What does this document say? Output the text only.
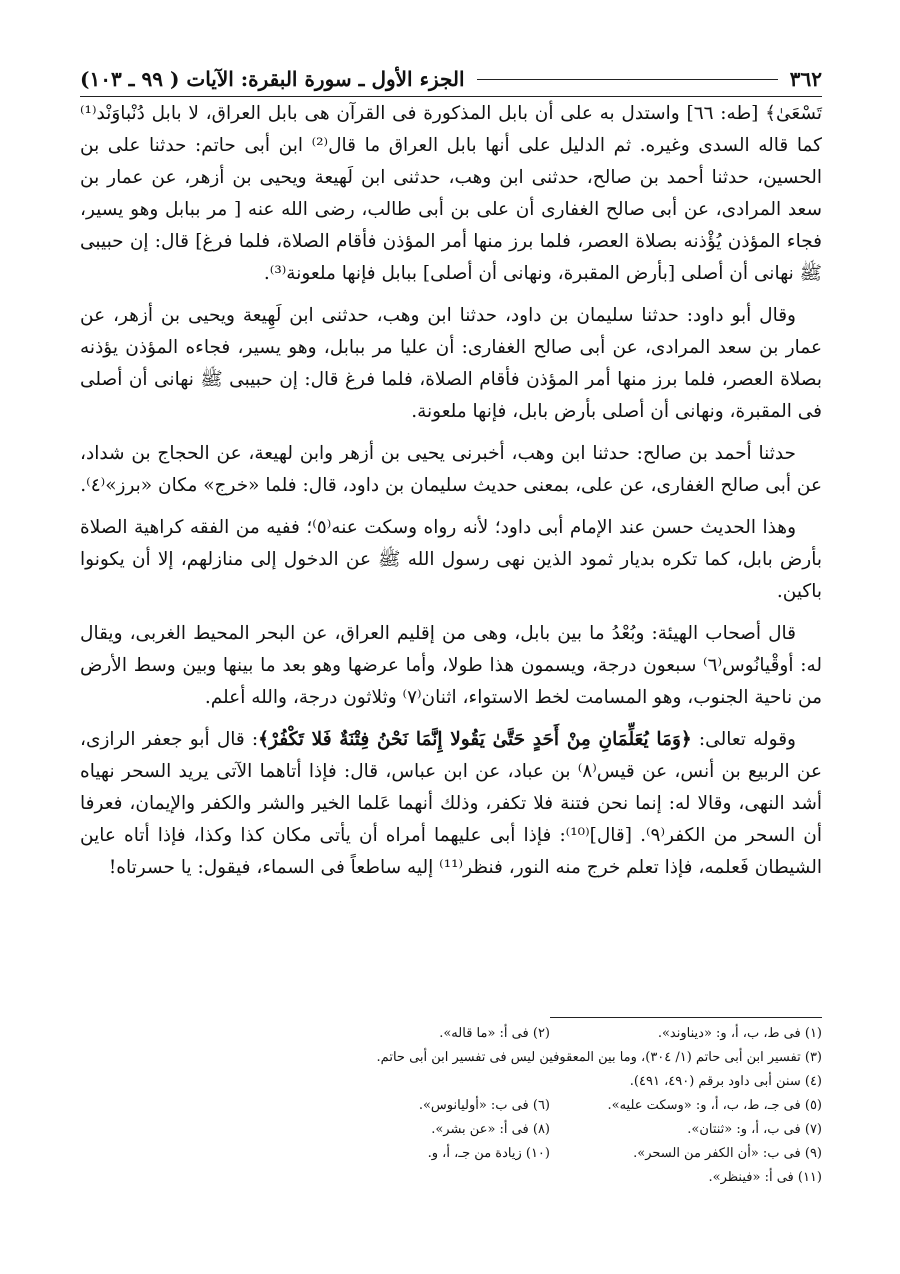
٣٦٢
الجزء الأول ـ سورة البقرة: الآيات ( ٩٩ ـ ١٠٣)

تَسْعَىٰ﴾ [طه: ٦٦] واستدل به على أن بابل المذكورة فى القرآن هى بابل العراق، لا بابل دُنْباوَنْد⁽¹⁾ كما قاله السدى وغيره. ثم الدليل على أنها بابل العراق ما قال⁽²⁾ ابن أبى حاتم: حدثنا على بن الحسين، حدثنا أحمد بن صالح، حدثنى ابن وهب، حدثنى ابن لَهيعة ويحيى بن أزهر، عن عمار بن سعد المرادى، عن أبى صالح الغفارى أن على بن أبى طالب، رضى الله عنه [ مر ببابل وهو يسير، فجاء المؤذن يُؤْذنه بصلاة العصر، فلما برز منها أمر المؤذن فأقام الصلاة، فلما فرغ] قال: إن حبيبى ﷺ نهانى أن أصلى [بأرض المقبرة، ونهانى أن أصلى] ببابل فإنها ملعونة⁽³⁾.

وقال أبو داود: حدثنا سليمان بن داود، حدثنا ابن وهب، حدثنى ابن لَهِيعة ويحيى بن أزهر، عن عمار بن سعد المرادى، عن أبى صالح الغفارى: أن عليا مر ببابل، وهو يسير، فجاءه المؤذن يؤذنه بصلاة العصر، فلما برز منها أمر المؤذن فأقام الصلاة، فلما فرغ قال: إن حبيبى ﷺ نهانى أن أصلى فى المقبرة، ونهانى أن أصلى بأرض بابل، فإنها ملعونة.

حدثنا أحمد بن صالح: حدثنا ابن وهب، أخبرنى يحيى بن أزهر وابن لهيعة، عن الحجاج بن شداد، عن أبى صالح الغفارى، عن على، بمعنى حديث سليمان بن داود، قال: فلما «خرج» مكان «برز»⁽٤⁾.

وهذا الحديث حسن عند الإمام أبى داود؛ لأنه رواه وسكت عنه⁽٥⁾؛ ففيه من الفقه كراهية الصلاة بأرض بابل، كما تكره بديار ثمود الذين نهى رسول الله ﷺ عن الدخول إلى منازلهم، إلا أن يكونوا باكين.

قال أصحاب الهيئة: وبُعْدُ ما بين بابل، وهى من إقليم العراق، عن البحر المحيط الغربى، ويقال له: أوقْيانُوس⁽٦⁾ سبعون درجة، ويسمون هذا طولا، وأما عرضها وهو بعد ما بينها وبين وسط الأرض من ناحية الجنوب، وهو المسامت لخط الاستواء، اثنان⁽٧⁾ وثلاثون درجة، والله أعلم.

وقوله تعالى: ﴿وَمَا يُعَلِّمَانِ مِنْ أَحَدٍ حَتَّىٰ يَقُولا إِنَّمَا نَحْنُ فِتْنَةٌ فَلا تَكْفُرْ﴾: قال أبو جعفر الرازى، عن الربيع بن أنس، عن قيس⁽٨⁾ بن عباد، عن ابن عباس، قال: فإذا أتاهما الآتى يريد السحر نهياه أشد النهى، وقالا له: إنما نحن فتنة فلا تكفر، وذلك أنهما عَلما الخير والشر والكفر والإيمان، فعرفا أن السحر من الكفر⁽٩⁾. [قال]⁽¹⁰⁾: فإذا أبى عليهما أمراه أن يأتى مكان كذا وكذا، فإذا أتاه عاين الشيطان فَعلمه، فإذا تعلم خرج منه النور، فنظر⁽¹¹⁾ إليه ساطعاً فى السماء، فيقول: يا حسرتاه!

(١) فى ط، ب، أ، و: «ديناوند».
(٢) فى أ: «ما قاله».
(٣) تفسير ابن أبى حاتم (١/ ٣٠٤)، وما بين المعقوفين ليس فى تفسير ابن أبى حاتم.
(٤) سنن أبى داود برقم (٤٩٠، ٤٩١).
(٥) فى جـ، ط، ب، أ، و: «وسكت عليه».
(٦) فى ب: «أوليانوس».
(٧) فى ب، أ، و: «ثنتان».
(٨) فى أ: «عن بشر».
(٩) فى ب: «أن الكفر من السحر».
(١٠) زيادة من جـ، أ، و.
(١١) فى أ: «فينظر».
